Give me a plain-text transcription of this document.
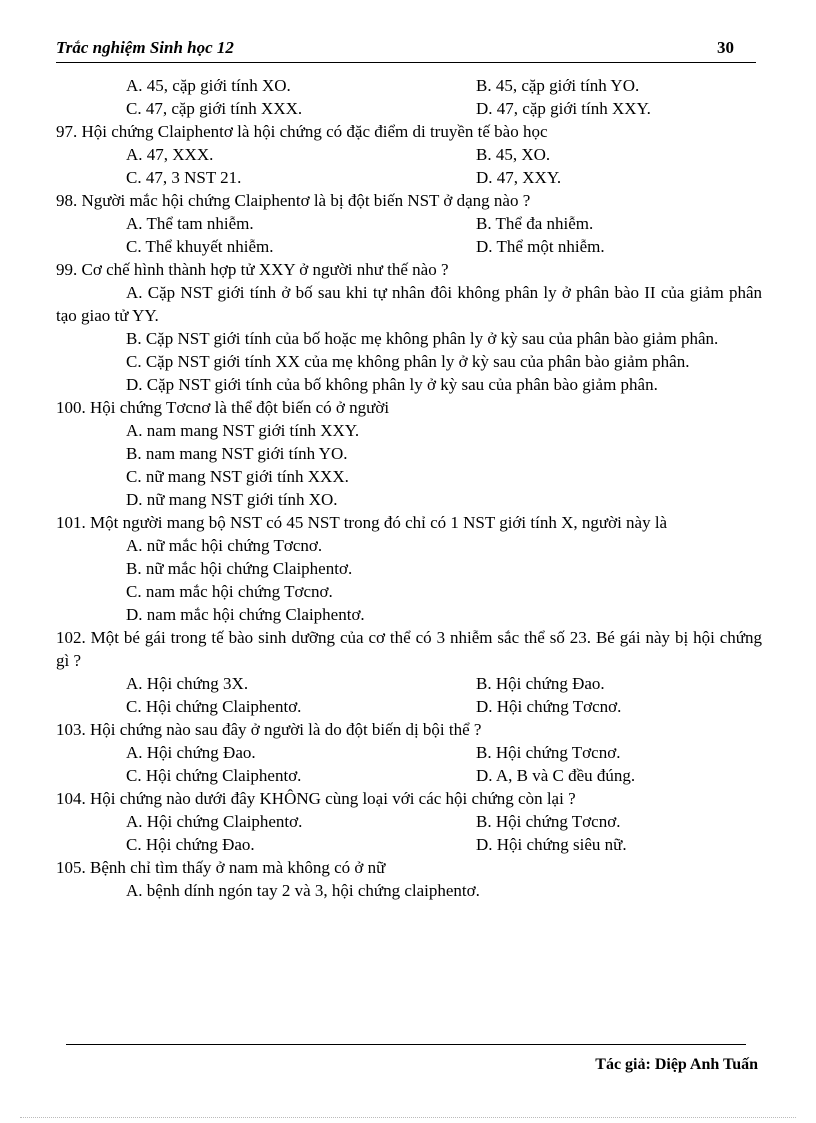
Trắc nghiệm Sinh học 12	30
A. 45, cặp giới tính XO.	B. 45, cặp giới tính YO.
C. 47, cặp giới tính XXX.	D. 47, cặp giới tính XXY.
97. Hội chứng Claiphentơ là hội chứng có đặc điểm di truyền tế bào học
A. 47, XXX.	B. 45, XO.
C. 47, 3 NST 21.	D. 47, XXY.
98. Người mắc hội chứng Claiphentơ là bị đột biến NST ở dạng nào ?
A. Thể tam nhiễm.	B. Thể đa nhiễm.
C. Thể khuyết nhiễm.	D. Thể một nhiễm.
99. Cơ chế hình thành hợp tử XXY ở người như thế nào ?
A. Cặp NST giới tính ở bố sau khi tự nhân đôi không phân ly ở phân bào II của giảm phân tạo giao tử YY.
B. Cặp NST giới tính của bố hoặc mẹ không phân ly ở kỳ sau của phân bào giảm phân.
C. Cặp NST giới tính XX của mẹ không phân ly ở kỳ sau của phân bào giảm phân.
D. Cặp NST giới tính của bố không phân ly ở kỳ sau của phân bào giảm phân.
100. Hội chứng Tơcnơ là thể đột biến có ở người
A. nam mang NST giới tính XXY.
B. nam mang NST giới tính YO.
C. nữ mang NST giới tính XXX.
D. nữ mang NST giới tính XO.
101. Một người mang bộ NST có 45 NST trong đó chỉ có 1 NST giới tính X, người này là
A. nữ mắc hội chứng Tơcnơ.
B. nữ mắc hội chứng Claiphentơ.
C. nam mắc hội chứng Tơcnơ.
D. nam mắc hội chứng Claiphentơ.
102. Một bé gái trong tế bào sinh dưỡng của cơ thể có 3 nhiễm sắc thể số 23. Bé gái này bị hội chứng gì ?
A. Hội chứng 3X.	B. Hội chứng Đao.
C. Hội chứng Claiphentơ.	D. Hội chứng Tơcnơ.
103. Hội chứng nào sau đây ở người là do đột biến dị bội thể ?
A. Hội chứng Đao.	B. Hội chứng Tơcnơ.
C. Hội chứng Claiphentơ.	D. A, B và C đều đúng.
104. Hội chứng nào dưới đây KHÔNG cùng loại với các hội chứng còn lại ?
A. Hội chứng Claiphentơ.	B. Hội chứng Tơcnơ.
C. Hội chứng Đao.	D. Hội chứng siêu nữ.
105. Bệnh chỉ tìm thấy ở nam mà không có ở nữ
A. bệnh dính ngón tay 2 và 3, hội chứng claiphentơ.
Tác giả: Diệp Anh Tuấn
